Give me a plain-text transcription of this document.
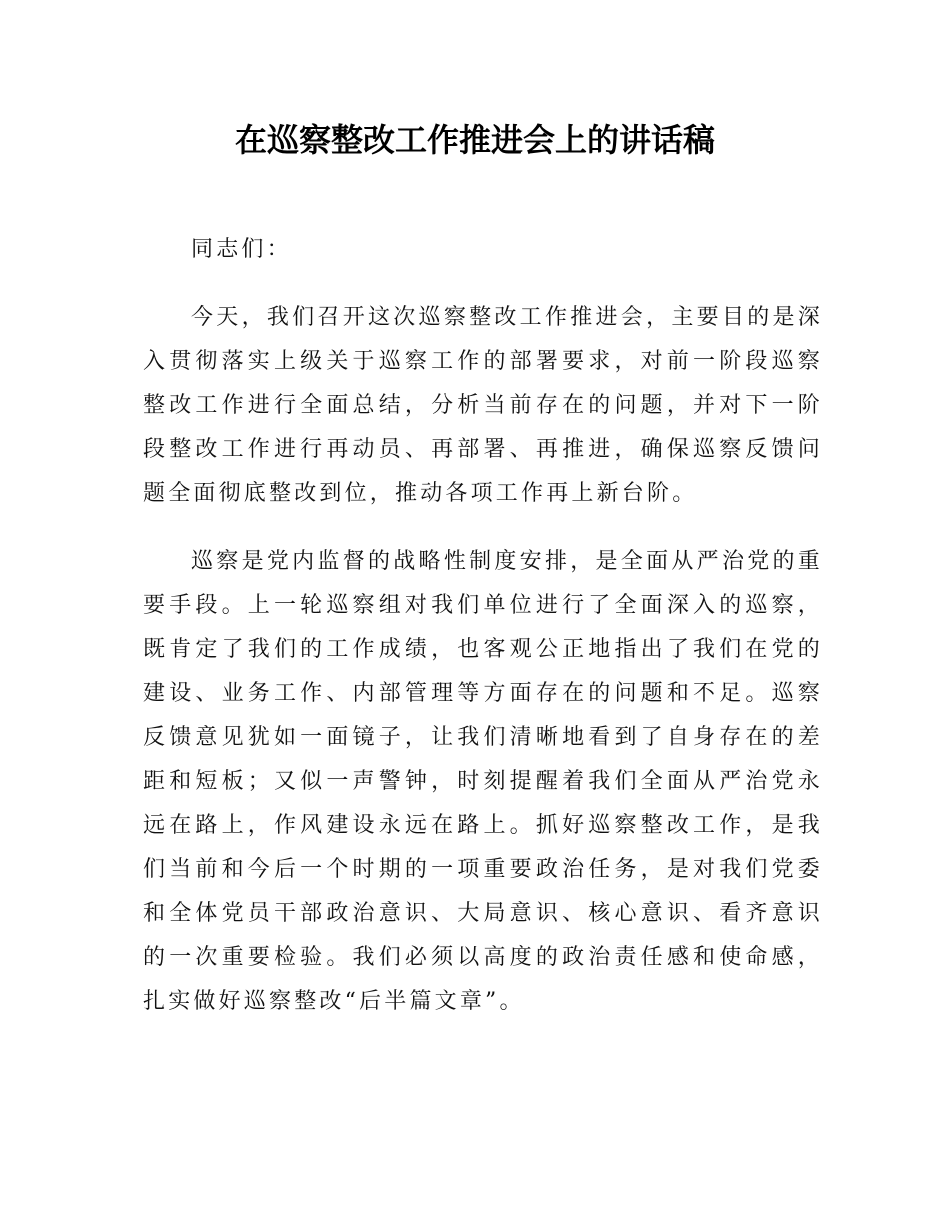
在巡察整改工作推进会上的讲话稿

同志们：

今天，我们召开这次巡察整改工作推进会，主要目的是深入贯彻落实上级关于巡察工作的部署要求，对前一阶段巡察整改工作进行全面总结，分析当前存在的问题，并对下一阶段整改工作进行再动员、再部署、再推进，确保巡察反馈问题全面彻底整改到位，推动各项工作再上新台阶。

巡察是党内监督的战略性制度安排，是全面从严治党的重要手段。上一轮巡察组对我们单位进行了全面深入的巡察，既肯定了我们的工作成绩，也客观公正地指出了我们在党的建设、业务工作、内部管理等方面存在的问题和不足。巡察反馈意见犹如一面镜子，让我们清晰地看到了自身存在的差距和短板；又似一声警钟，时刻提醒着我们全面从严治党永远在路上，作风建设永远在路上。抓好巡察整改工作，是我们当前和今后一个时期的一项重要政治任务，是对我们党委和全体党员干部政治意识、大局意识、核心意识、看齐意识的一次重要检验。我们必须以高度的政治责任感和使命感，扎实做好巡察整改“后半篇文章”。
